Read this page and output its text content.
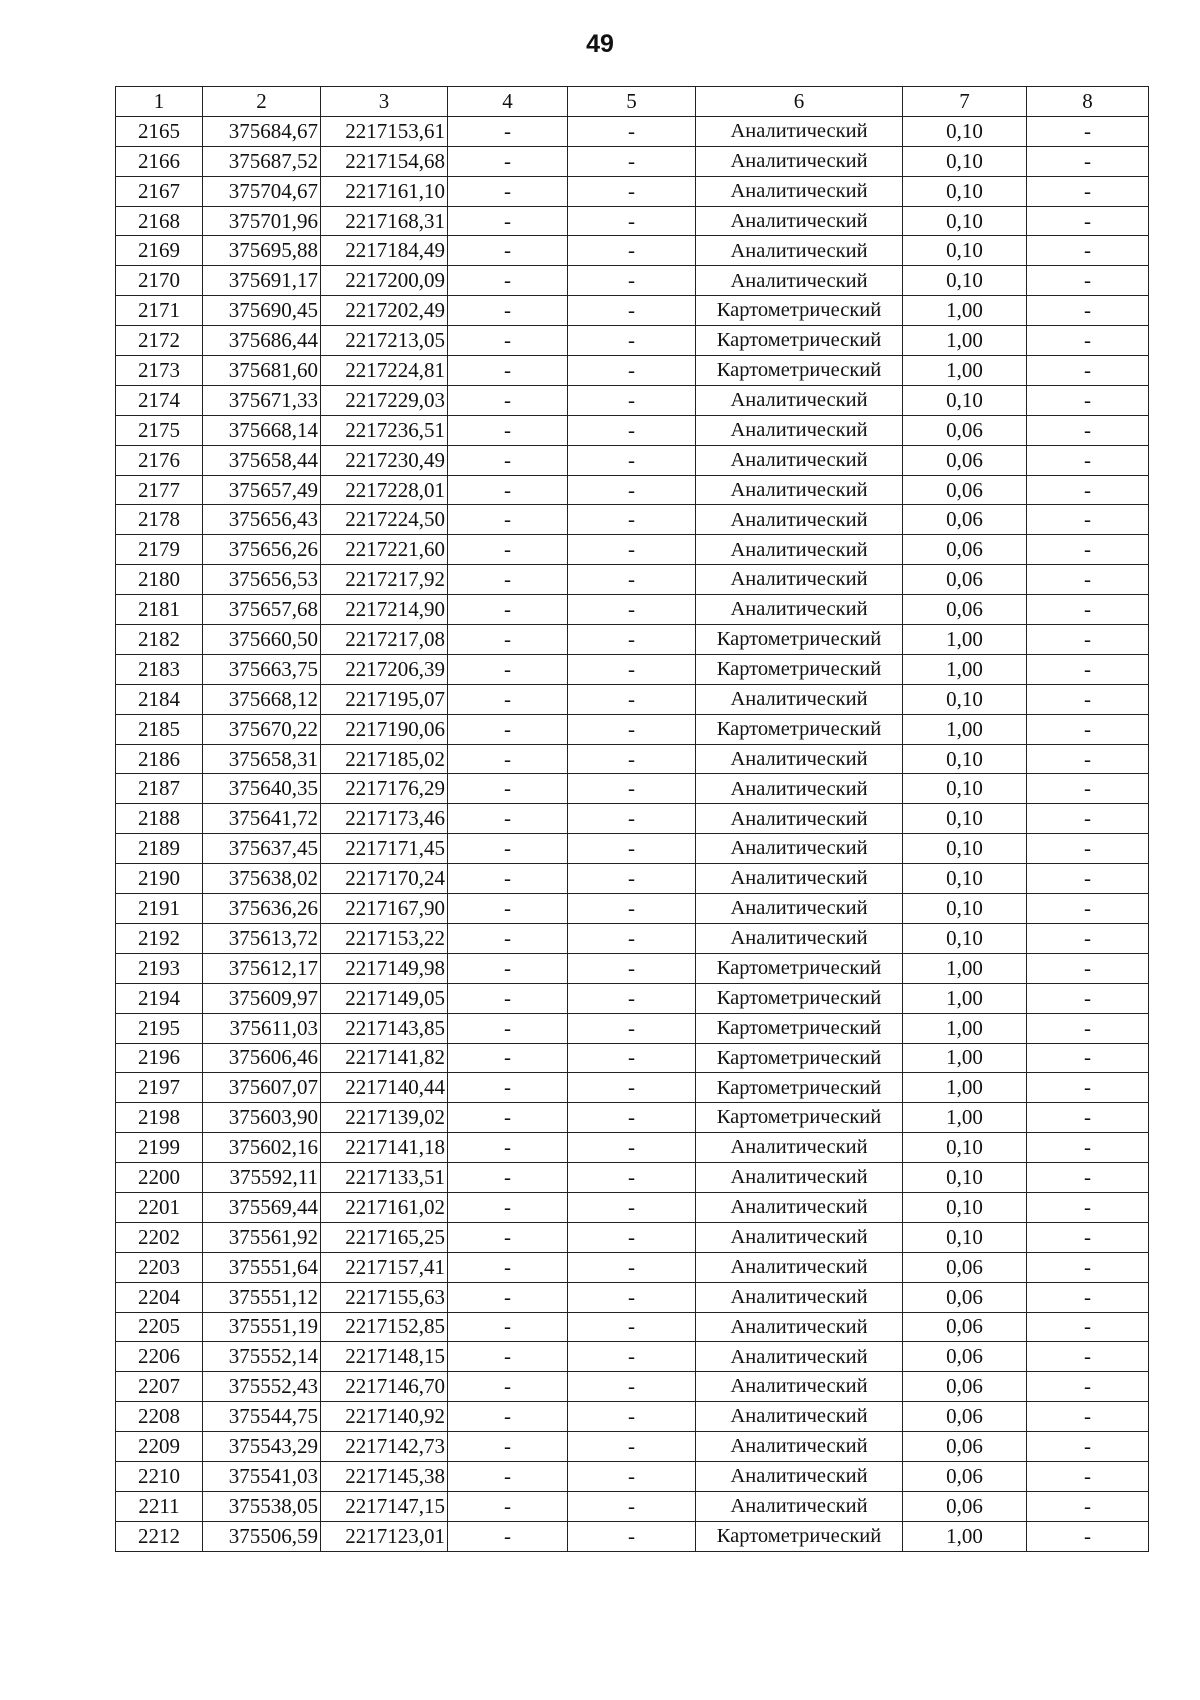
49
1	2	3	4	5	6	7	8
2165	375684,67	2217153,61	-	-	Аналитический	0,10	-
2166	375687,52	2217154,68	-	-	Аналитический	0,10	-
2167	375704,67	2217161,10	-	-	Аналитический	0,10	-
2168	375701,96	2217168,31	-	-	Аналитический	0,10	-
2169	375695,88	2217184,49	-	-	Аналитический	0,10	-
2170	375691,17	2217200,09	-	-	Аналитический	0,10	-
2171	375690,45	2217202,49	-	-	Картометрический	1,00	-
2172	375686,44	2217213,05	-	-	Картометрический	1,00	-
2173	375681,60	2217224,81	-	-	Картометрический	1,00	-
2174	375671,33	2217229,03	-	-	Аналитический	0,10	-
2175	375668,14	2217236,51	-	-	Аналитический	0,06	-
2176	375658,44	2217230,49	-	-	Аналитический	0,06	-
2177	375657,49	2217228,01	-	-	Аналитический	0,06	-
2178	375656,43	2217224,50	-	-	Аналитический	0,06	-
2179	375656,26	2217221,60	-	-	Аналитический	0,06	-
2180	375656,53	2217217,92	-	-	Аналитический	0,06	-
2181	375657,68	2217214,90	-	-	Аналитический	0,06	-
2182	375660,50	2217217,08	-	-	Картометрический	1,00	-
2183	375663,75	2217206,39	-	-	Картометрический	1,00	-
2184	375668,12	2217195,07	-	-	Аналитический	0,10	-
2185	375670,22	2217190,06	-	-	Картометрический	1,00	-
2186	375658,31	2217185,02	-	-	Аналитический	0,10	-
2187	375640,35	2217176,29	-	-	Аналитический	0,10	-
2188	375641,72	2217173,46	-	-	Аналитический	0,10	-
2189	375637,45	2217171,45	-	-	Аналитический	0,10	-
2190	375638,02	2217170,24	-	-	Аналитический	0,10	-
2191	375636,26	2217167,90	-	-	Аналитический	0,10	-
2192	375613,72	2217153,22	-	-	Аналитический	0,10	-
2193	375612,17	2217149,98	-	-	Картометрический	1,00	-
2194	375609,97	2217149,05	-	-	Картометрический	1,00	-
2195	375611,03	2217143,85	-	-	Картометрический	1,00	-
2196	375606,46	2217141,82	-	-	Картометрический	1,00	-
2197	375607,07	2217140,44	-	-	Картометрический	1,00	-
2198	375603,90	2217139,02	-	-	Картометрический	1,00	-
2199	375602,16	2217141,18	-	-	Аналитический	0,10	-
2200	375592,11	2217133,51	-	-	Аналитический	0,10	-
2201	375569,44	2217161,02	-	-	Аналитический	0,10	-
2202	375561,92	2217165,25	-	-	Аналитический	0,10	-
2203	375551,64	2217157,41	-	-	Аналитический	0,06	-
2204	375551,12	2217155,63	-	-	Аналитический	0,06	-
2205	375551,19	2217152,85	-	-	Аналитический	0,06	-
2206	375552,14	2217148,15	-	-	Аналитический	0,06	-
2207	375552,43	2217146,70	-	-	Аналитический	0,06	-
2208	375544,75	2217140,92	-	-	Аналитический	0,06	-
2209	375543,29	2217142,73	-	-	Аналитический	0,06	-
2210	375541,03	2217145,38	-	-	Аналитический	0,06	-
2211	375538,05	2217147,15	-	-	Аналитический	0,06	-
2212	375506,59	2217123,01	-	-	Картометрический	1,00	-
